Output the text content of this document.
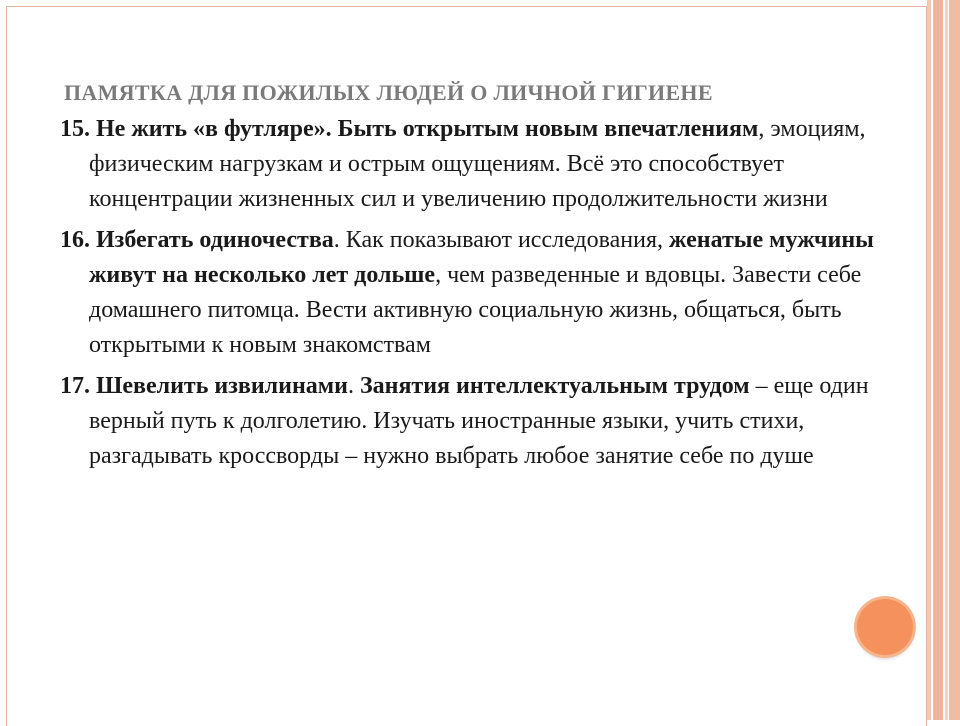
ПАМЯТКА ДЛЯ ПОЖИЛЫХ ЛЮДЕЙ О ЛИЧНОЙ ГИГИЕНЕ

15. Не жить «в футляре». Быть открытым новым впечатлениям, эмоциям, физическим нагрузкам и острым ощущениям. Всё это способствует концентрации жизненных сил и увеличению продолжительности жизни

16. Избегать одиночества. Как показывают исследования, женатые мужчины живут на несколько лет дольше, чем разведенные и вдовцы. Завести себе домашнего питомца. Вести активную социальную жизнь, общаться, быть открытыми к новым знакомствам

17. Шевелить извилинами. Занятия интеллектуальным трудом – еще один верный путь к долголетию. Изучать иностранные языки, учить стихи, разгадывать кроссворды – нужно выбрать любое занятие себе по душе
